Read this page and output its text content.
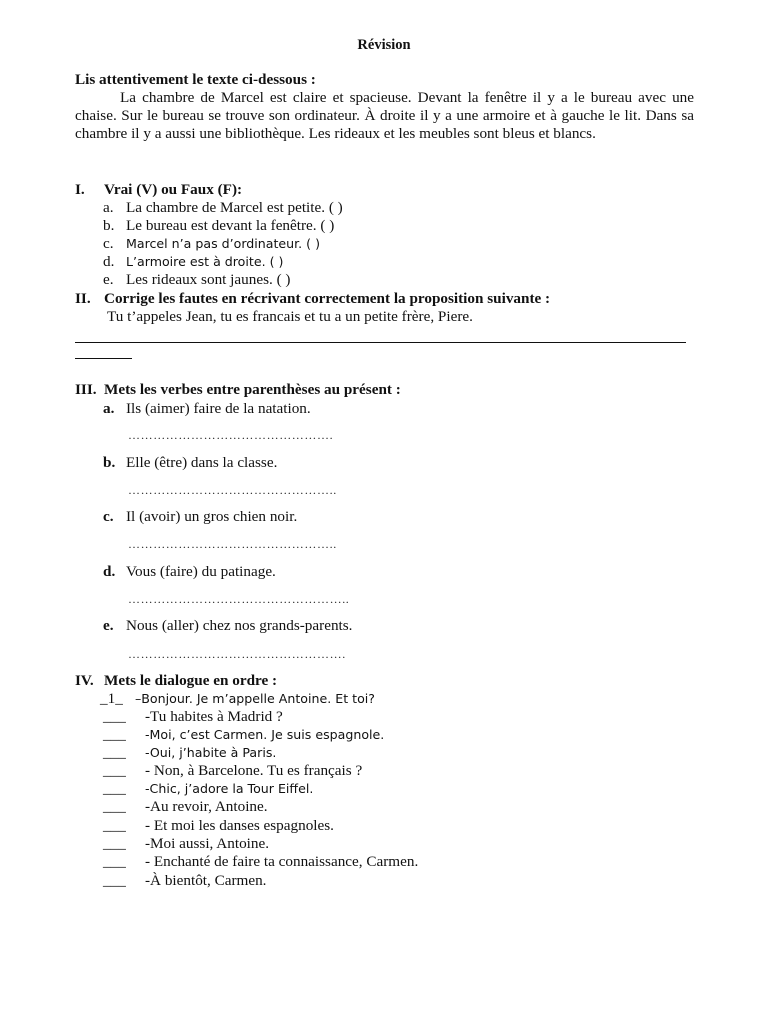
Révision
Lis attentivement le texte ci-dessous :
La chambre de Marcel est claire et spacieuse. Devant la fenêtre il y a le bureau avec une chaise. Sur le bureau se trouve son ordinateur. À droite il y a une armoire et à gauche le lit. Dans sa chambre il y a aussi une bibliothèque. Les rideaux et les meubles sont bleus et blancs.
I. Vrai (V) ou Faux (F):
a. La chambre de Marcel est petite. ( )
b. Le bureau est devant la fenêtre. ( )
c. Marcel n’a pas d’ordinateur. ( )
d. L’armoire est à droite. ( )
e. Les rideaux sont jaunes. ( )
II. Corrige les fautes en récrivant correctement la proposition suivante :
Tu t’appeles Jean, tu es francais et tu a un petite frère, Piere.
III. Mets les verbes entre parenthèses au présent :
a. Ils (aimer) faire de la natation.
………………………………………….
b. Elle (être) dans la classe.
…………………………………………..
c. Il (avoir) un gros chien noir.
…………………………………………..
d. Vous (faire) du patinage.
……………………………………………..
e. Nous (aller) chez nos grands-parents.
…………………………………………….
IV. Mets le dialogue en ordre :
_1_ –Bonjour. Je m’appelle Antoine. Et toi?
___ -Tu habites à Madrid ?
___ -Moi, c’est Carmen. Je suis espagnole.
___ -Oui, j’habite à Paris.
___ - Non, à Barcelone. Tu es français ?
___ -Chic, j’adore la Tour Eiffel.
___ -Au revoir, Antoine.
___ - Et moi les danses espagnoles.
___ -Moi aussi, Antoine.
___ - Enchanté de faire ta connaissance, Carmen.
___ -À bientôt, Carmen.
